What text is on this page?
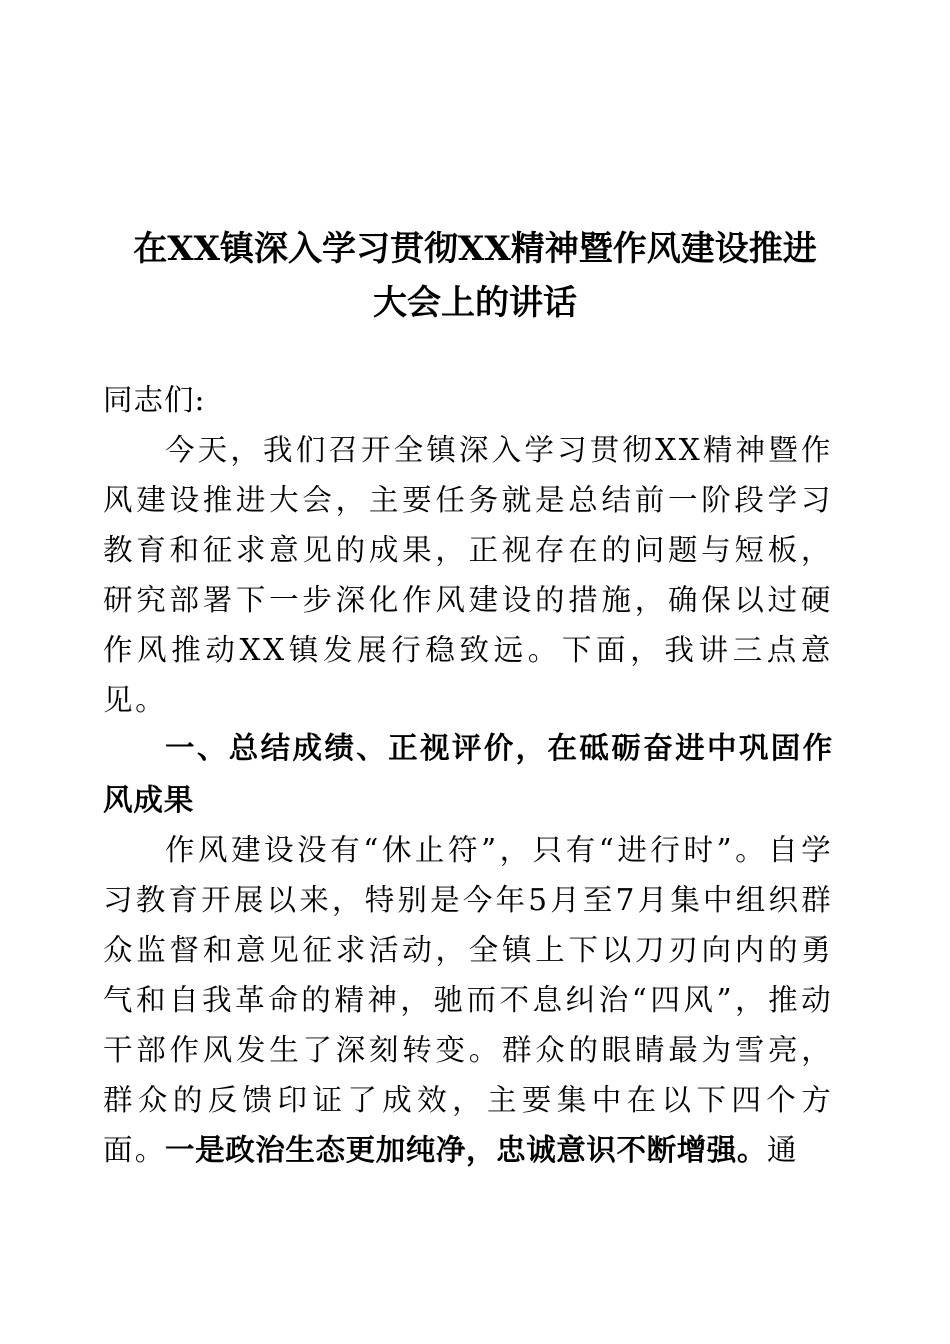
在XX镇深入学习贯彻XX精神暨作风建设推进
大会上的讲话

同志们:

今天，我们召开全镇深入学习贯彻XX精神暨作风建设推进大会，主要任务就是总结前一阶段学习教育和征求意见的成果，正视存在的问题与短板，研究部署下一步深化作风建设的措施，确保以过硬作风推动XX镇发展行稳致远。下面，我讲三点意见。

一、总结成绩、正视评价，在砥砺奋进中巩固作风成果

作风建设没有“休止符”，只有“进行时”。自学习教育开展以来，特别是今年5月至7月集中组织群众监督和意见征求活动，全镇上下以刀刃向内的勇气和自我革命的精神，驰而不息纠治“四风”，推动干部作风发生了深刻转变。群众的眼睛最为雪亮，群众的反馈印证了成效，主要集中在以下四个方面。

一是政治生态更加纯净，忠诚意识不断增强。通
